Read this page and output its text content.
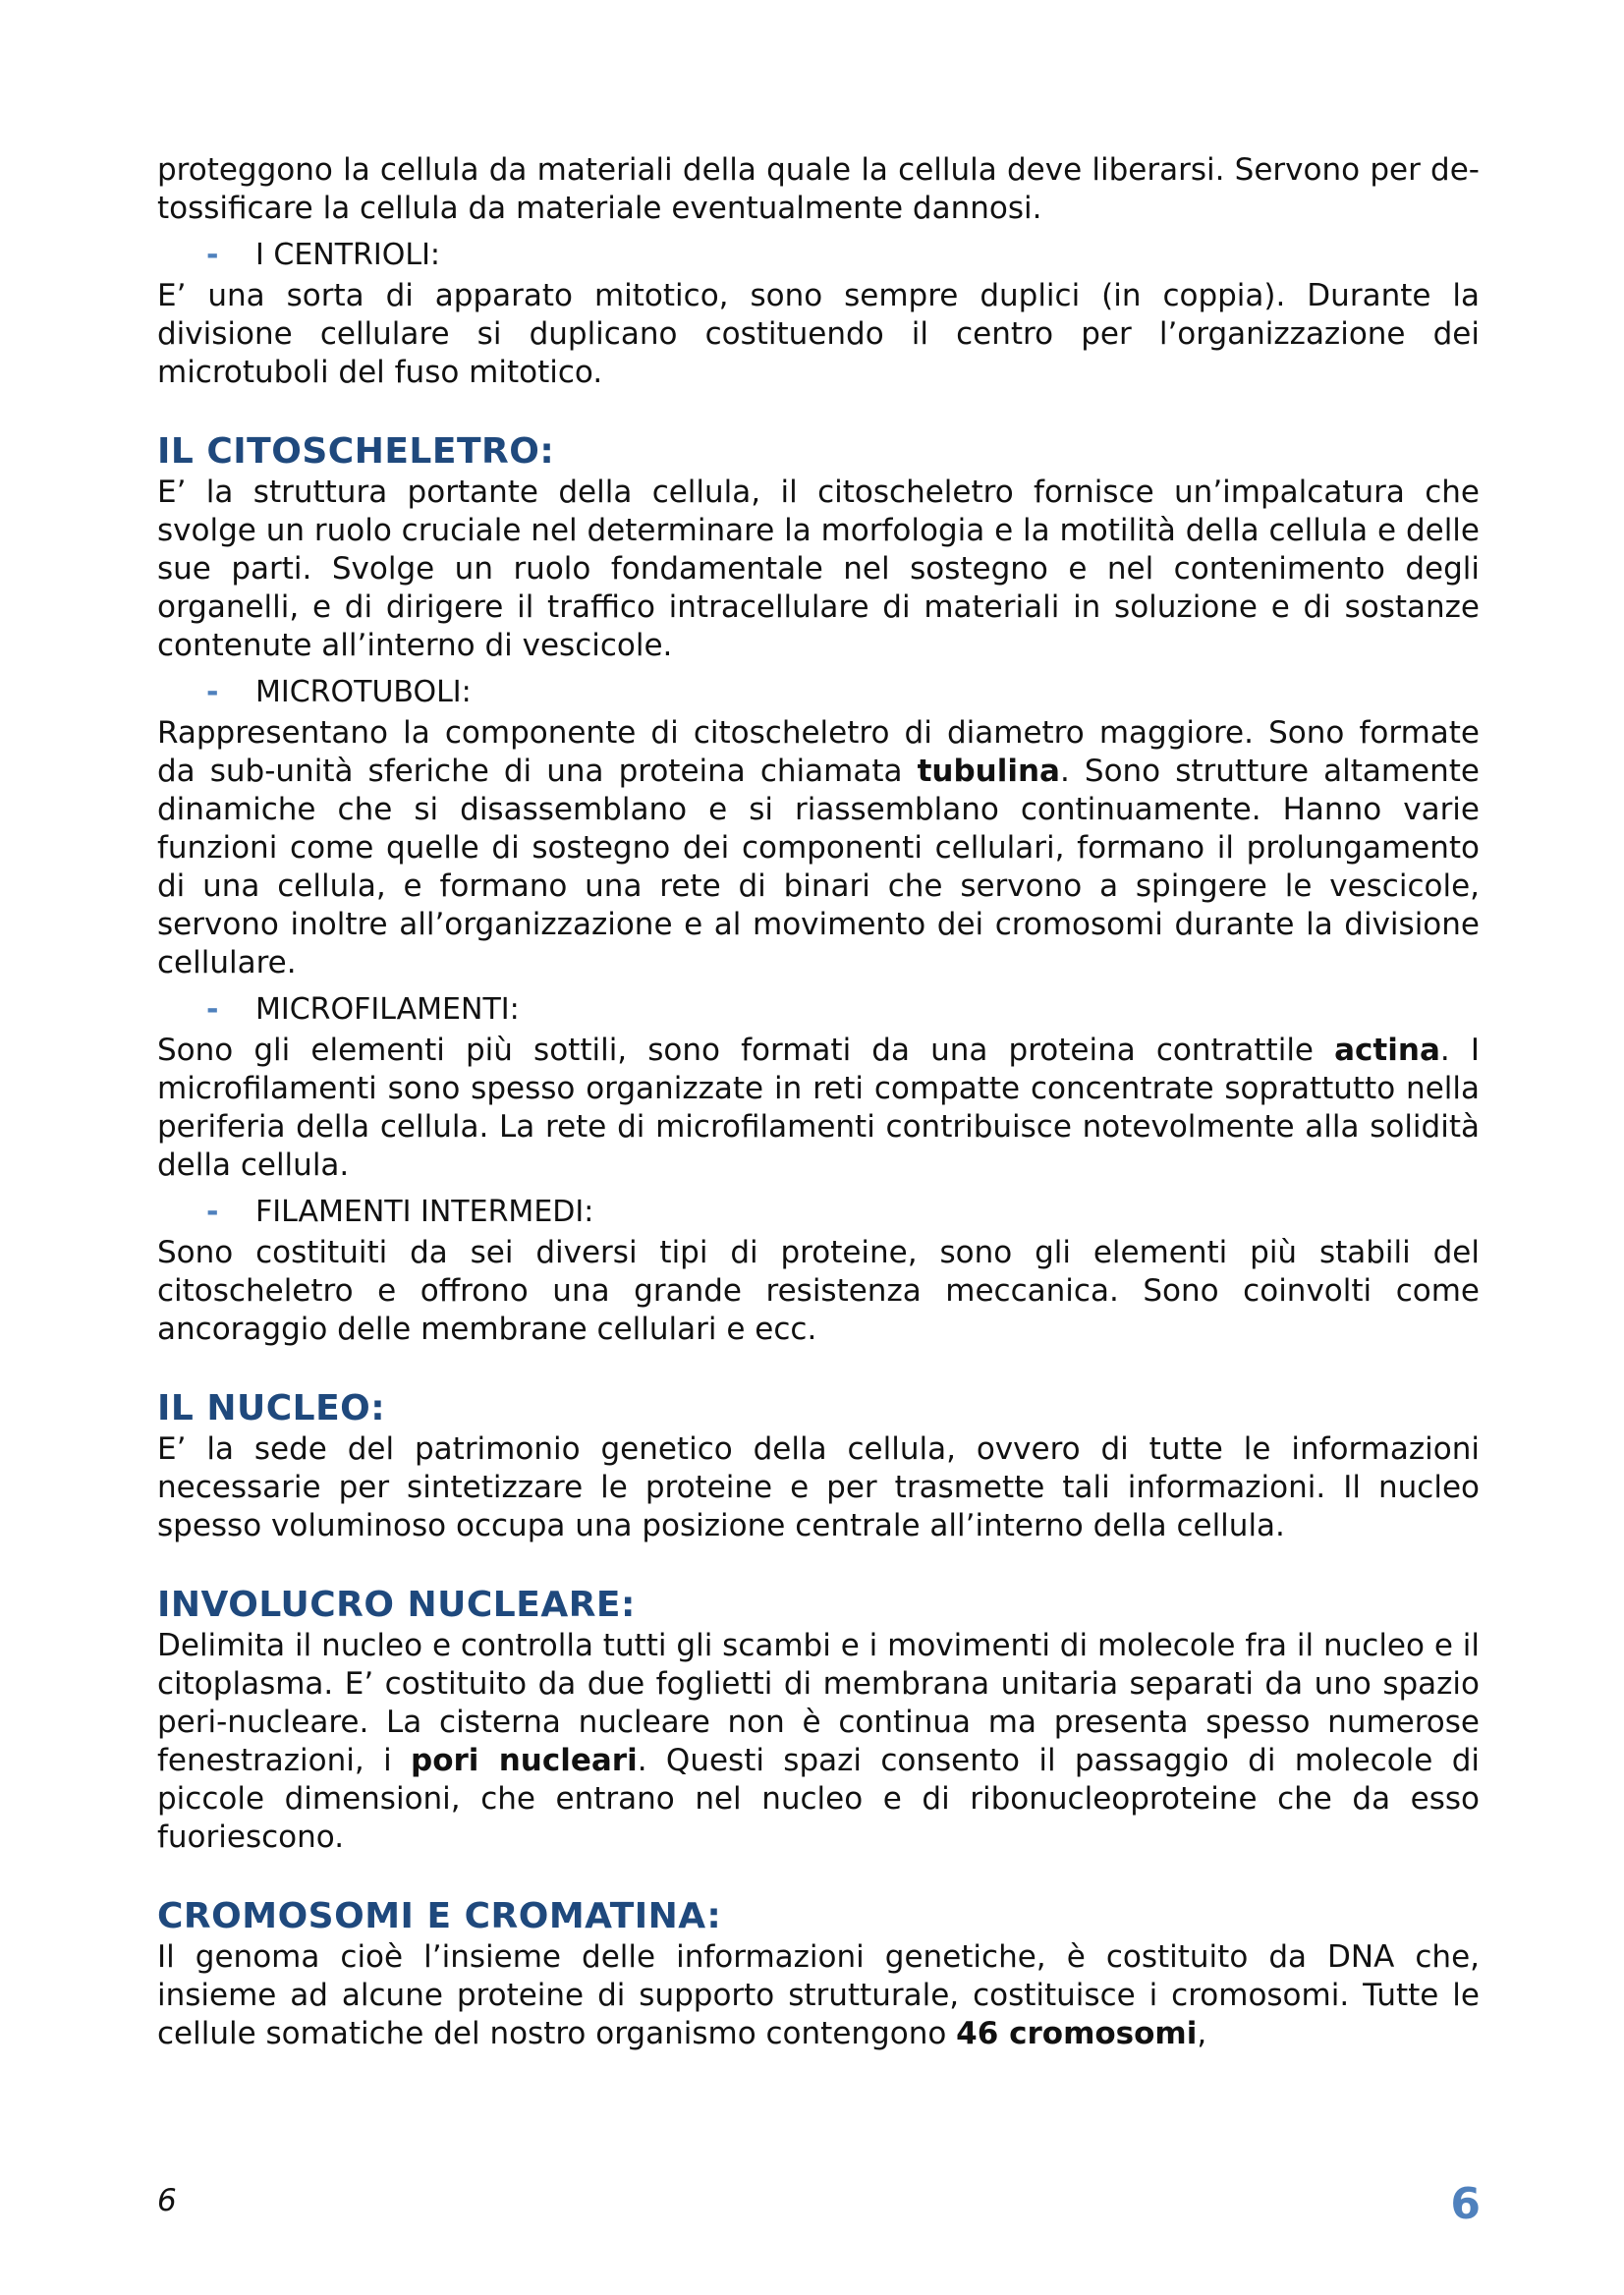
proteggono la cellula da materiali della quale la cellula deve liberarsi. Servono per de-tossificare la cellula da materiale eventualmente dannosi.

- I CENTRIOLI:

E’ una sorta di apparato mitotico, sono sempre duplici (in coppia). Durante la divisione cellulare si duplicano costituendo il centro per l’organizzazione dei microtuboli del fuso mitotico.

IL CITOSCHELETRO:

E’ la struttura portante della cellula, il citoscheletro fornisce un’impalcatura che svolge un ruolo cruciale nel determinare la morfologia e la motilità della cellula e delle sue parti. Svolge un ruolo fondamentale nel sostegno e nel contenimento degli organelli, e di dirigere il traffico intracellulare di materiali in soluzione e di sostanze contenute all’interno di vescicole.

- MICROTUBOLI:

Rappresentano la componente di citoscheletro di diametro maggiore. Sono formate da sub-unità sferiche di una proteina chiamata tubulina. Sono strutture altamente dinamiche che si disassemblano e si riassemblano continuamente. Hanno varie funzioni come quelle di sostegno dei componenti cellulari, formano il prolungamento di una cellula, e formano una rete di binari che servono a spingere le vescicole, servono inoltre all’organizzazione e al movimento dei cromosomi durante la divisione cellulare.

- MICROFILAMENTI:

Sono gli elementi più sottili, sono formati da una proteina contrattile actina. I microfilamenti sono spesso organizzate in reti compatte concentrate soprattutto nella periferia della cellula. La rete di microfilamenti contribuisce notevolmente alla solidità della cellula.

- FILAMENTI INTERMEDI:

Sono costituiti da sei diversi tipi di proteine, sono gli elementi più stabili del citoscheletro e offrono una grande resistenza meccanica. Sono coinvolti come ancoraggio delle membrane cellulari e ecc.

IL NUCLEO:

E’ la sede del patrimonio genetico della cellula, ovvero di tutte le informazioni necessarie per sintetizzare le proteine e per trasmette tali informazioni. Il nucleo spesso voluminoso occupa una posizione centrale all’interno della cellula.

INVOLUCRO NUCLEARE:

Delimita il nucleo e controlla tutti gli scambi e i movimenti di molecole fra il nucleo e il citoplasma. E’ costituito da due foglietti di membrana unitaria separati da uno spazio peri-nucleare. La cisterna nucleare non è continua ma presenta spesso numerose fenestrazioni, i pori nucleari. Questi spazi consento il passaggio di molecole di piccole dimensioni, che entrano nel nucleo e di ribonucleoproteine che da esso fuoriescono.

CROMOSOMI E CROMATINA:

Il genoma cioè l’insieme delle informazioni genetiche, è costituito da DNA che, insieme ad alcune proteine di supporto strutturale, costituisce i cromosomi. Tutte le cellule somatiche del nostro organismo contengono 46 cromosomi,

6	6
